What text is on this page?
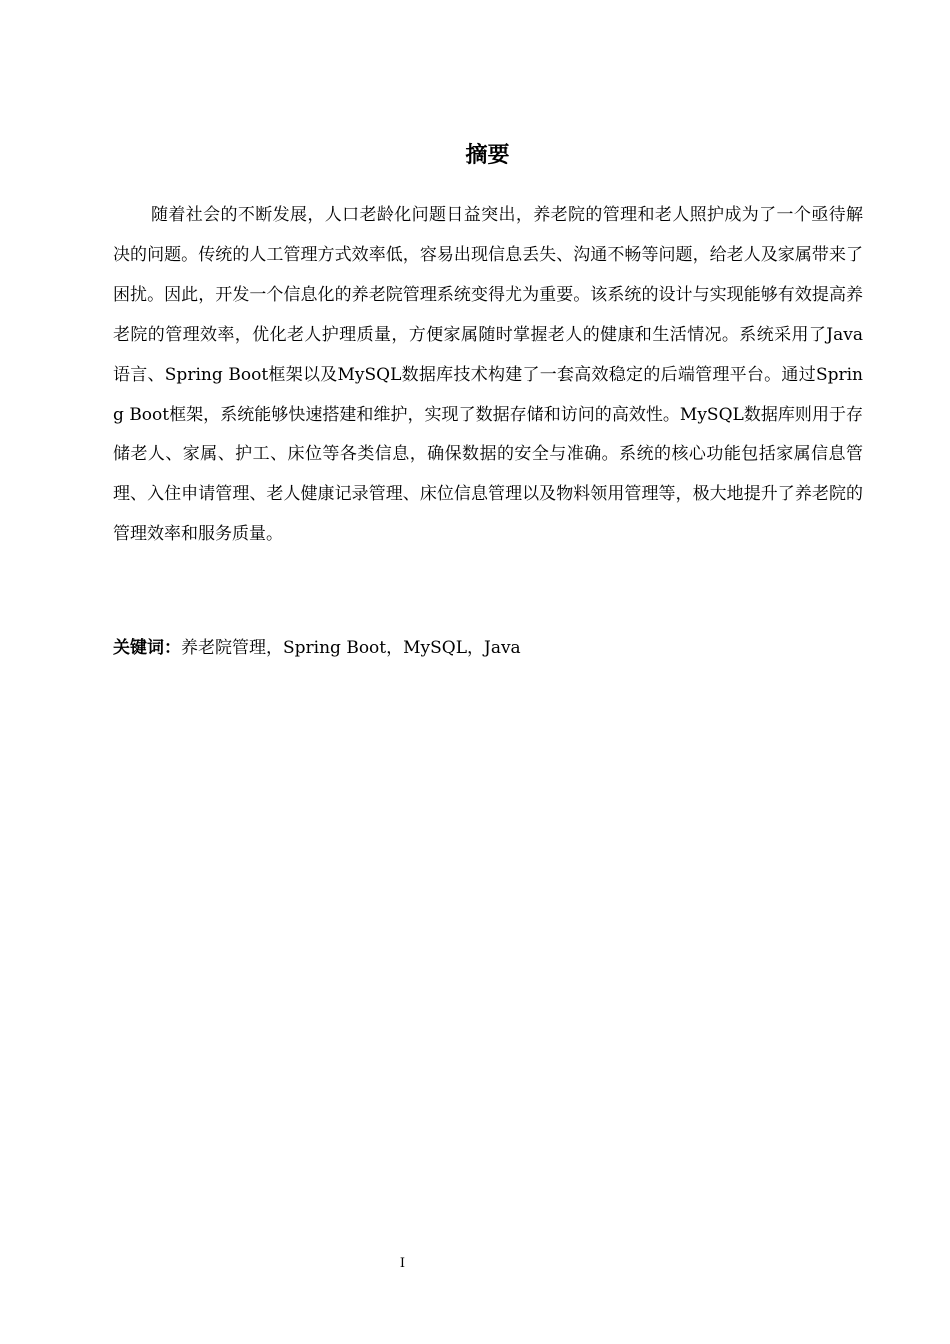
摘要

随着社会的不断发展，人口老龄化问题日益突出，养老院的管理和老人照护成为了一个亟待解决的问题。传统的人工管理方式效率低，容易出现信息丢失、沟通不畅等问题，给老人及家属带来了困扰。因此，开发一个信息化的养老院管理系统变得尤为重要。该系统的设计与实现能够有效提高养老院的管理效率，优化老人护理质量，方便家属随时掌握老人的健康和生活情况。系统采用了Java语言、Spring Boot框架以及MySQL数据库技术构建了一套高效稳定的后端管理平台。通过Spring Boot框架，系统能够快速搭建和维护，实现了数据存储和访问的高效性。MySQL数据库则用于存储老人、家属、护工、床位等各类信息，确保数据的安全与准确。系统的核心功能包括家属信息管理、入住申请管理、老人健康记录管理、床位信息管理以及物料领用管理等，极大地提升了养老院的管理效率和服务质量。

关键词：养老院管理，Spring Boot，MySQL，Java

I
